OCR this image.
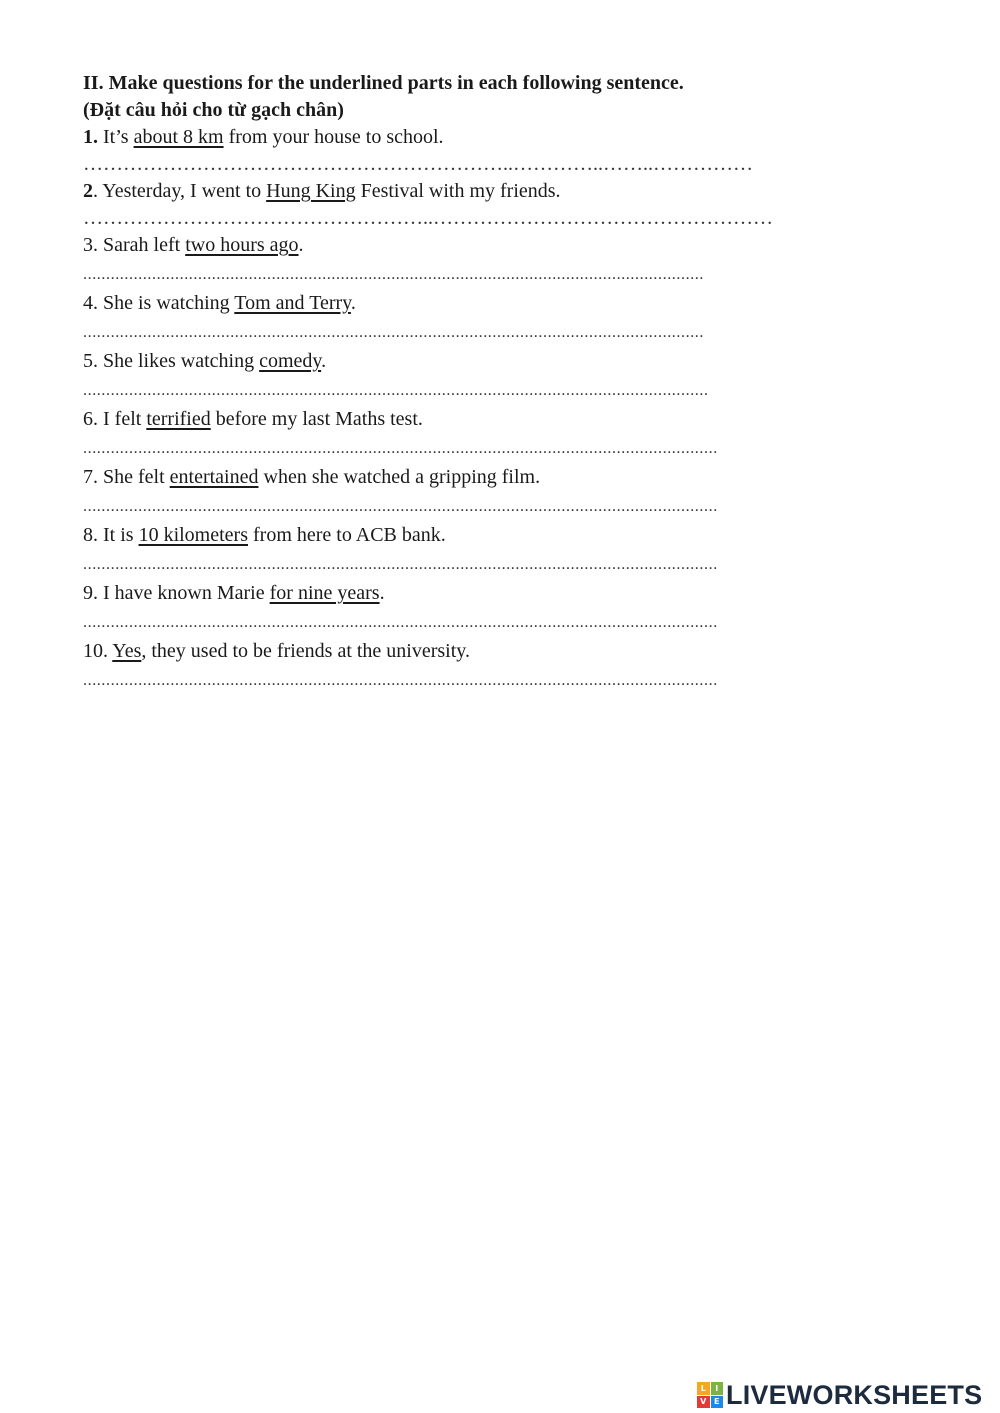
II. Make questions for the underlined parts in each following sentence.

(Đặt câu hỏi cho từ gạch chân)

1. It’s about 8 km from your house to school.

………………………………………………………..…………..……..……………

2. Yesterday, I went to Hung King Festival with my friends.

……………………………………………..……………………………………………

3. Sarah left two hours ago.

.......................................................................................................................................

4. She is watching Tom and Terry.

.......................................................................................................................................

5. She likes watching comedy.

........................................................................................................................................

6. I felt terrified before my last Maths test.

..........................................................................................................................................

7. She felt entertained when she watched a gripping film.

..........................................................................................................................................

8. It is 10 kilometers from here to ACB bank.

..........................................................................................................................................

9. I have known Marie for nine years.

..........................................................................................................................................

10. Yes, they used to be friends at the university.

..........................................................................................................................................
L	I
V E LIVEWORKSHEETS
